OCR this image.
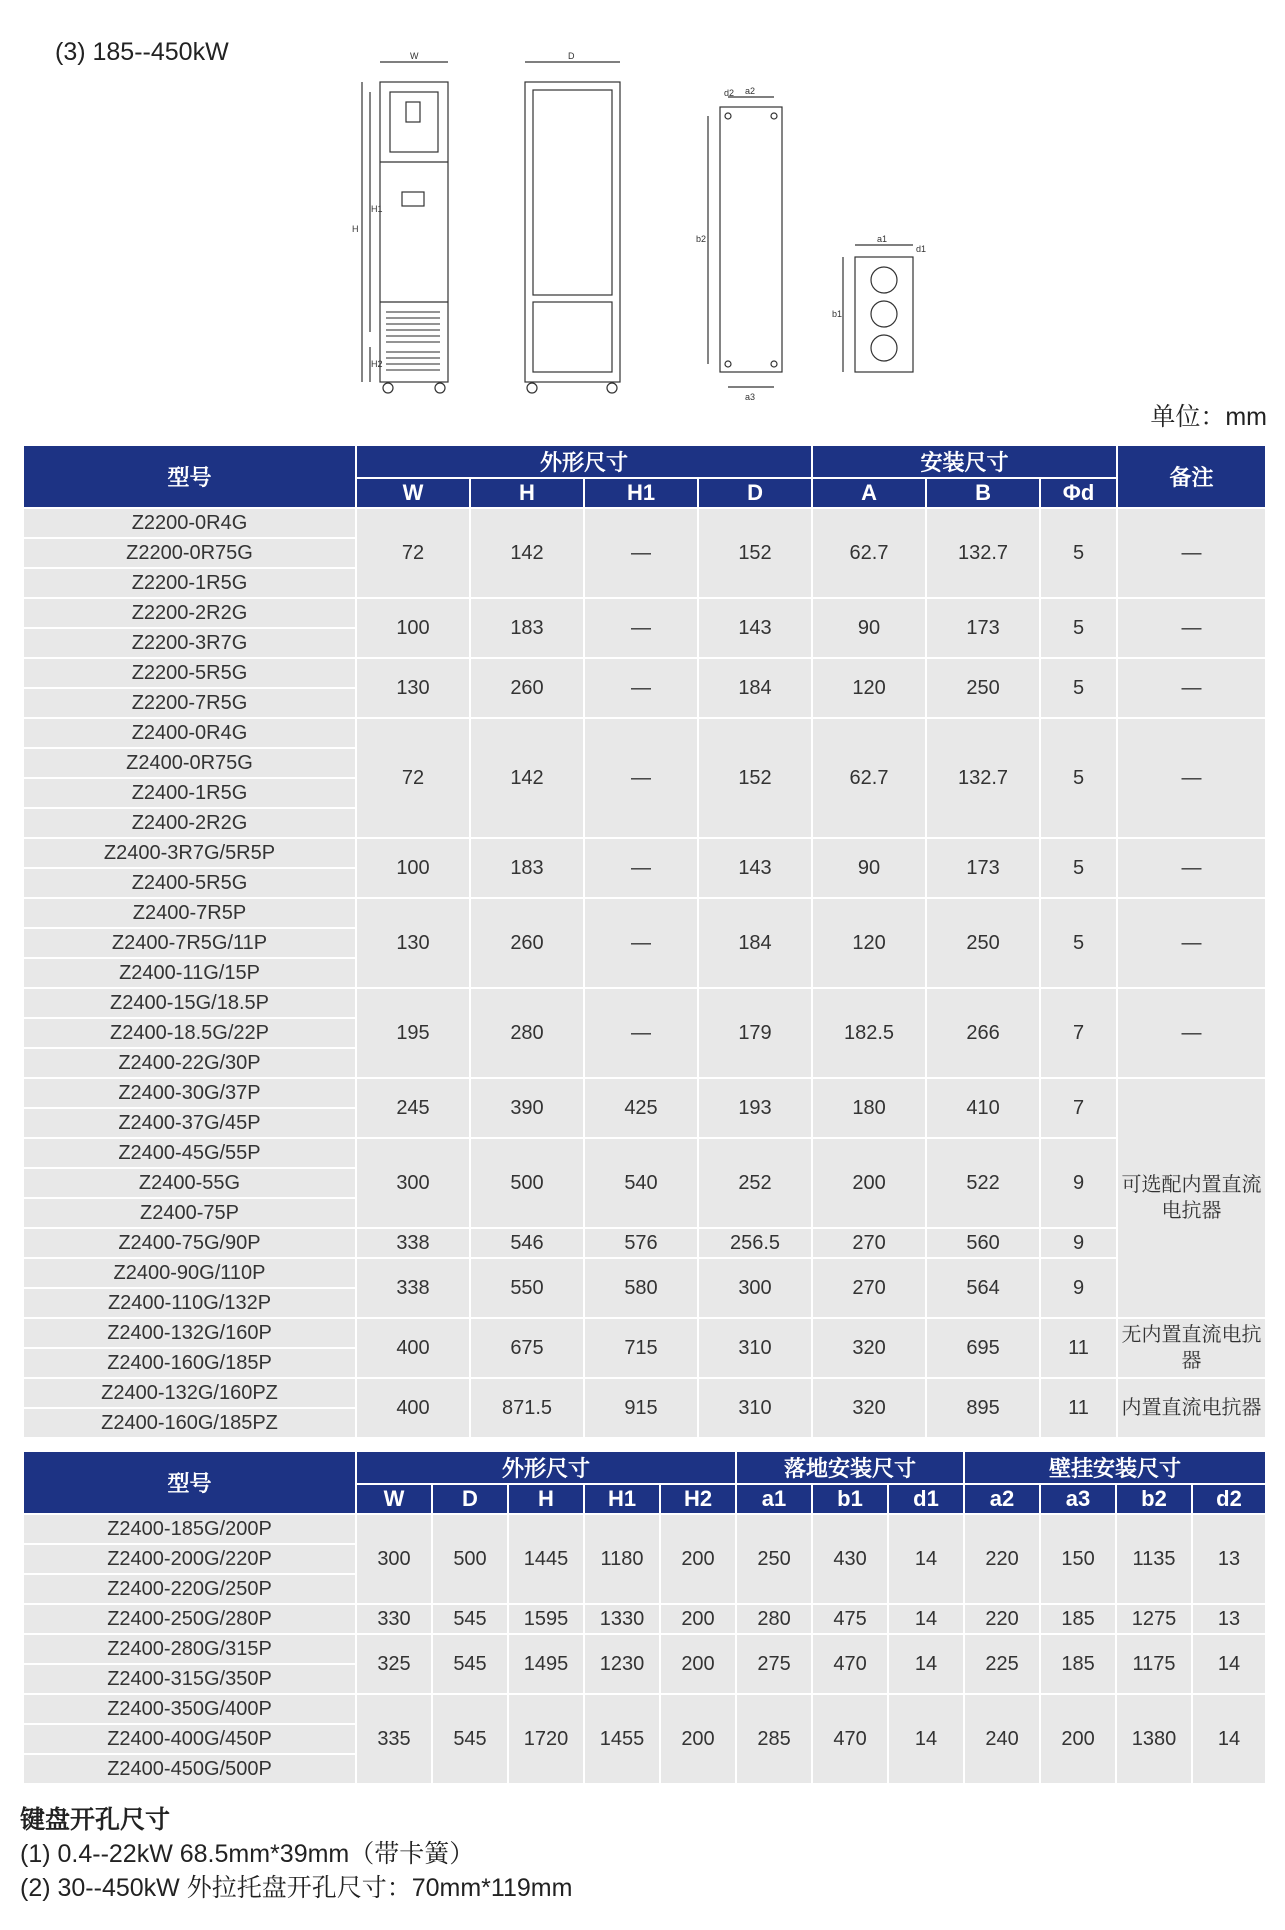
(3) 185--450kW	W	D
H
H1
H2
a2
a3
b2
d2
a1
b1
d1
单位：mm
型号	外形尺寸				安装尺寸			备注
	W	H	H1	D	A	B	Φd	
Z2200-0R4G	72	142	—	152	62.7	132.7	5	—
Z2200-0R75G								
Z2200-1R5G								
Z2200-2R2G	100	183	—	143	90	173	5	—
Z2200-3R7G								
Z2200-5R5G	130	260	—	184	120	250	5	—
Z2200-7R5G								
Z2400-0R4G	72	142	—	152	62.7	132.7	5	—
Z2400-0R75G								
Z2400-1R5G								
Z2400-2R2G								
Z2400-3R7G/5R5P	100	183	—	143	90	173	5	—
Z2400-5R5G								
Z2400-7R5P	130	260	—	184	120	250	5	—
Z2400-7R5G/11P								
Z2400-11G/15P								
Z2400-15G/18.5P	195	280	—	179	182.5	266	7	—
Z2400-18.5G/22P								
Z2400-22G/30P								
Z2400-30G/37P	245	390	425	193	180	410	7	可选配内置直流电抗器
Z2400-37G/45P								
Z2400-45G/55P	300	500	540	252	200	522	9	
Z2400-55G								
Z2400-75P								
Z2400-75G/90P	338	546	576	256.5	270	560	9	
Z2400-90G/110P	338	550	580	300	270	564	9	
Z2400-110G/132P								
Z2400-132G/160P	400	675	715	310	320	695	11	无内置直流电抗器
Z2400-160G/185P								
Z2400-132G/160PZ	400	871.5	915	310	320	895	11	内置直流电抗器
Z2400-160G/185PZ								
型号	外形尺寸					落地安装尺寸			壁挂安装尺寸			
	W	D	H	H1	H2	a1	b1	d1	a2	a3	b2	d2
Z2400-185G/200P	300	500	1445	1180	200	250	430	14	220	150	1135	13
Z2400-200G/220P												
Z2400-220G/250P												
Z2400-250G/280P	330	545	1595	1330	200	280	475	14	220	185	1275	13
Z2400-280G/315P	325	545	1495	1230	200	275	470	14	225	185	1175	14
Z2400-315G/350P												
Z2400-350G/400P	335	545	1720	1455	200	285	470	14	240	200	1380	14
Z2400-400G/450P												
Z2400-450G/500P												
键盘开孔尺寸
(1) 0.4--22kW 68.5mm*39mm（带卡簧）
(2) 30--450kW 外拉托盘开孔尺寸：70mm*119mm
